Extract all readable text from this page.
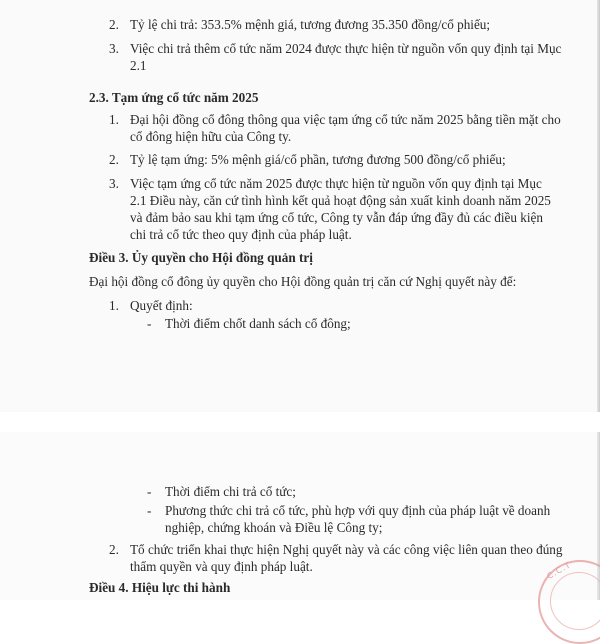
2. Tỷ lệ chi trả: 353.5% mệnh giá, tương đương 35.350 đồng/cổ phiếu;
3. Việc chi trả thêm cổ tức năm 2024 được thực hiện từ nguồn vốn quy định tại Mục
2.1
2.3. Tạm ứng cổ tức năm 2025
1. Đại hội đồng cổ đông thông qua việc tạm ứng cổ tức năm 2025 bằng tiền mặt cho
cổ đông hiện hữu của Công ty.
2. Tỷ lệ tạm ứng: 5% mệnh giá/cổ phần, tương đương 500 đồng/cổ phiếu;
3. Việc tạm ứng cổ tức năm 2025 được thực hiện từ nguồn vốn quy định tại Mục
2.1 Điều này, căn cứ tình hình kết quả hoạt động sản xuất kinh doanh năm 2025
và đảm bảo sau khi tạm ứng cổ tức, Công ty vẫn đáp ứng đầy đủ các điều kiện
chi trả cổ tức theo quy định của pháp luật.
Điều 3. Ủy quyền cho Hội đồng quản trị
Đại hội đồng cổ đông ủy quyền cho Hội đồng quản trị căn cứ Nghị quyết này để:
1. Quyết định:
- Thời điểm chốt danh sách cổ đông;
- Thời điểm chi trả cổ tức;
- Phương thức chi trả cổ tức, phù hợp với quy định của pháp luật về doanh
nghiệp, chứng khoán và Điều lệ Công ty;
2. Tổ chức triển khai thực hiện Nghị quyết này và các công việc liên quan theo đúng
thẩm quyền và quy định pháp luật.
Điều 4. Hiệu lực thi hành
C.C.T
